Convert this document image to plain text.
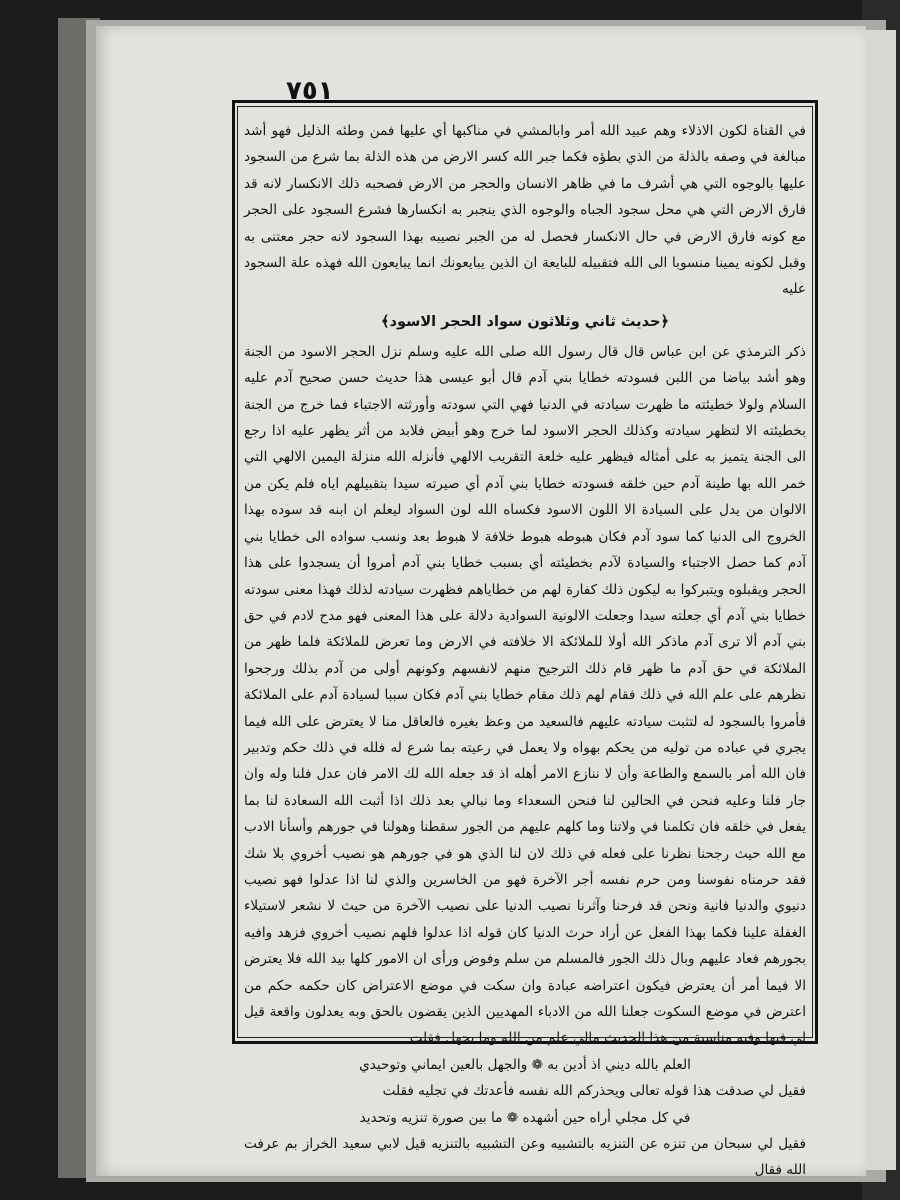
٧٥١

في القناة لكون الاذلاء وهم عبيد الله أمر وابالمشي في مناكبها أي عليها فمن وطئه الذليل فهو أشد مبالغة في وصفه بالذلة من الذي بطؤه فكما جبر الله كسر الارض من هذه الذلة بما شرع من السجود عليها بالوجوه التي هي أشرف ما في ظاهر الانسان والحجر من الارض فصحبه ذلك الانكسار لانه قد فارق الارض التي هي محل سجود الجباه والوجوه الذي ينجبر به انكسارها فشرع السجود على الحجر مع كونه فارق الارض في حال الانكسار فحصل له من الجبر نصيبه بهذا السجود لانه حجر معتنى به وقبل لكونه يمينا منسوبا الى الله فتقبيله للبايعة ان الذين يبايعونك انما يبايعون الله فهذه علة السجود عليه

﴿حديث ثاني وثلاثون سواد الحجر الاسود﴾

ذكر الترمذي عن ابن عباس قال قال رسول الله صلى الله عليه وسلم نزل الحجر الاسود من الجنة وهو أشد بياضا من اللبن فسودته خطايا بني آدم قال أبو عيسى هذا حديث حسن صحيح آدم عليه السلام ولولا خطيئته ما ظهرت سيادته في الدنيا فهي التي سودته وأورثته الاجتباء فما خرج من الجنة بخطيئته الا لتظهر سيادته وكذلك الحجر الاسود لما خرج وهو أبيض فلابد من أثر يظهر عليه اذا رجع الى الجنة يتميز به على أمثاله فيظهر عليه خلعة التقريب الالهي فأنزله الله منزلة اليمين الالهي التي خمر الله بها طينة آدم حين خلقه فسودته خطايا بني آدم أي صيرته سيدا بتقبيلهم اياه فلم يكن من الالوان من يدل على السيادة الا اللون الاسود فكساه الله لون السواد ليعلم ان ابنه قد سوده بهذا الخروج الى الدنيا كما سود آدم فكان هبوطه هبوط خلافة لا هبوط بعد ونسب سواده الى خطايا بني آدم كما حصل الاجتباء والسيادة لآدم بخطيئته أي بسبب خطايا بني آدم أمروا أن يسجدوا على هذا الحجر ويقبلوه ويتبركوا به ليكون ذلك كفارة لهم من خطاياهم فظهرت سيادته لذلك فهذا معنى سودته خطايا بني آدم أي جعلته سيدا وجعلت الالونية السوادية دلالة على هذا المعنى فهو مدح لادم في حق بني آدم ألا ترى آدم ماذكر الله أولا للملائكة الا خلافته في الارض وما تعرض للملائكة فلما ظهر من الملائكة في حق آدم ما ظهر قام ذلك الترجيح منهم لانفسهم وكونهم أولى من آدم بذلك ورجحوا نظرهم على علم الله في ذلك فقام لهم ذلك مقام خطايا بني آدم فكان سببا لسيادة آدم على الملائكة فأمروا بالسجود له لتثبت سيادته عليهم فالسعيد من وعظ بغيره فالعاقل منا لا يعترض على الله فيما يجري في عباده من توليه من يحكم بهواه ولا يعمل في رعيته بما شرع له فلله في ذلك حكم وتدبير فان الله أمر بالسمع والطاعة وأن لا ننازع الامر أهله اذ قد جعله الله لك الامر فان عدل فلنا وله وان جار فلنا وعليه فنحن في الحالين لنا فنحن السعداء وما نبالي بعد ذلك اذا أثبت الله السعادة لنا بما يفعل في خلقه فان تكلمنا في ولاتنا وما كلهم عليهم من الجور سقطنا وهولنا في جورهم وأسأنا الادب مع الله حيث رجحنا نظرنا على فعله في ذلك لان لنا الذي هو في جورهم هو نصيب أخروي بلا شك فقد حرمناه نفوسنا ومن حرم نفسه أجر الآخرة فهو من الخاسرين والذي لنا اذا عدلوا فهو نصيب دنيوي والدنيا فانية ونحن قد فرحنا وآثرنا نصيب الدنيا على نصيب الآخرة من حيث لا نشعر لاستيلاء الغفلة علينا فكما بهذا الفعل عن أراد حرث الدنيا كان قوله اذا عدلوا فلهم نصيب أخروي فزهد وافيه بجورهم فعاد عليهم وبال ذلك الجور فالمسلم من سلم وفوض ورأى ان الامور كلها بيد الله فلا يعترض الا فيما أمر أن يعترض فيكون اعتراضه عبادة وان سكت في موضع الاعتراض كان حكمه حكم من اعترض في موضع السكوت جعلنا الله من الادباء المهديين الذين يقضون بالحق وبه يعدلون واقعة قيل لي فيها وفيه مناسبة من هذا الحديث مالي علم من الله وما بجهل فقلت

العلم بالله ديني اذ أدين به ❁ والجهل بالعين ايماني وتوحيدي

فقيل لي صدقت هذا قوله تعالى ويحذركم الله نفسه فأعدتك في تجليه فقلت

في كل مجلي أراه حين أشهده ❁ ما بين صورة تنزيه وتحديد

فقيل لي سبحان من تنزه عن التنزيه بالتشبيه وعن التشبيه بالتنزيه قيل لابي سعيد الخراز بم عرفت الله فقال
